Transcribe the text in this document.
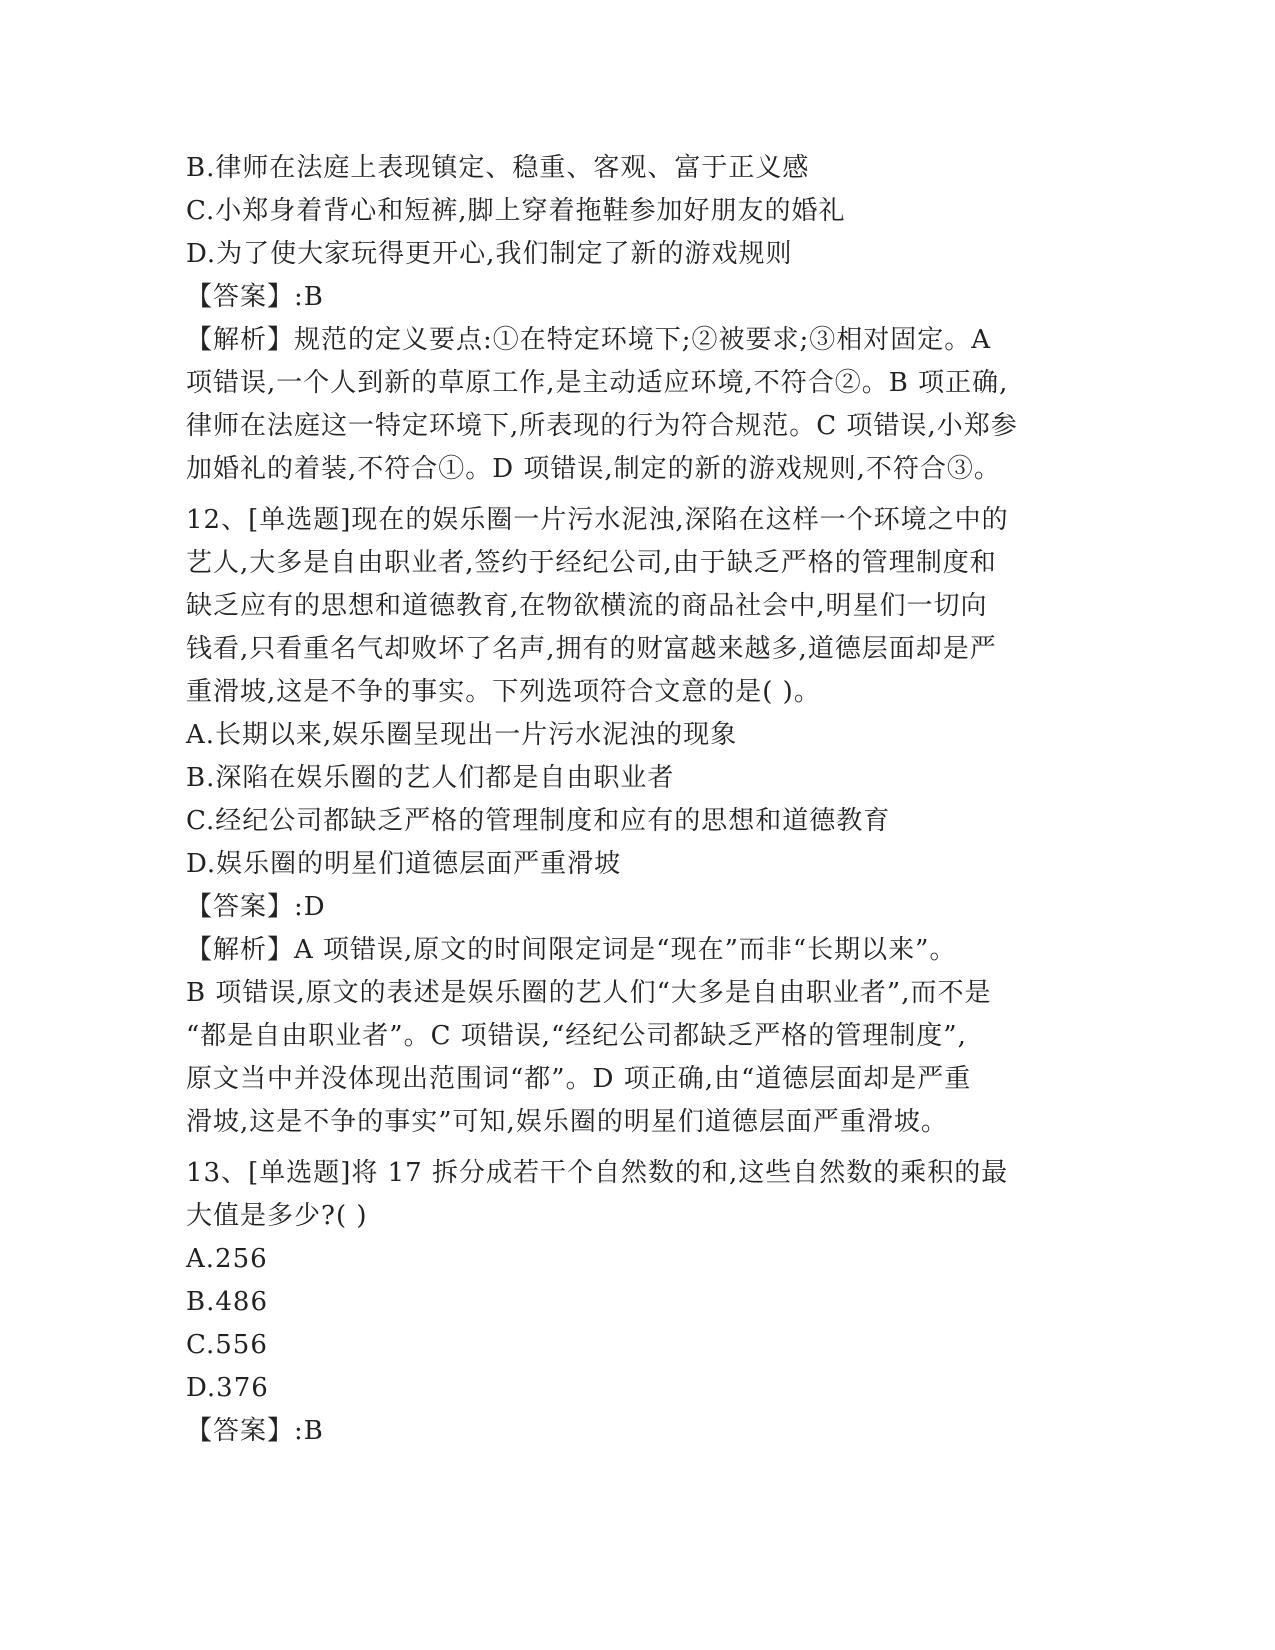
B.律师在法庭上表现镇定、稳重、客观、富于正义感
C.小郑身着背心和短裤,脚上穿着拖鞋参加好朋友的婚礼
D.为了使大家玩得更开心,我们制定了新的游戏规则
【答案】:B
【解析】规范的定义要点:①在特定环境下;②被要求;③相对固定。A
项错误,一个人到新的草原工作,是主动适应环境,不符合②。B 项正确,
律师在法庭这一特定环境下,所表现的行为符合规范。C 项错误,小郑参
加婚礼的着装,不符合①。D 项错误,制定的新的游戏规则,不符合③。
12、[单选题]现在的娱乐圈一片污水泥浊,深陷在这样一个环境之中的
艺人,大多是自由职业者,签约于经纪公司,由于缺乏严格的管理制度和
缺乏应有的思想和道德教育,在物欲横流的商品社会中,明星们一切向
钱看,只看重名气却败坏了名声,拥有的财富越来越多,道德层面却是严
重滑坡,这是不争的事实。下列选项符合文意的是( )。
A.长期以来,娱乐圈呈现出一片污水泥浊的现象
B.深陷在娱乐圈的艺人们都是自由职业者
C.经纪公司都缺乏严格的管理制度和应有的思想和道德教育
D.娱乐圈的明星们道德层面严重滑坡
【答案】:D
【解析】A 项错误,原文的时间限定词是“现在”而非“长期以来”。
B 项错误,原文的表述是娱乐圈的艺人们“大多是自由职业者”,而不是
“都是自由职业者”。C 项错误,“经纪公司都缺乏严格的管理制度”,
原文当中并没体现出范围词“都”。D 项正确,由“道德层面却是严重
滑坡,这是不争的事实”可知,娱乐圈的明星们道德层面严重滑坡。
13、[单选题]将 17 拆分成若干个自然数的和,这些自然数的乘积的最
大值是多少?( )
A.256
B.486
C.556
D.376
【答案】:B
